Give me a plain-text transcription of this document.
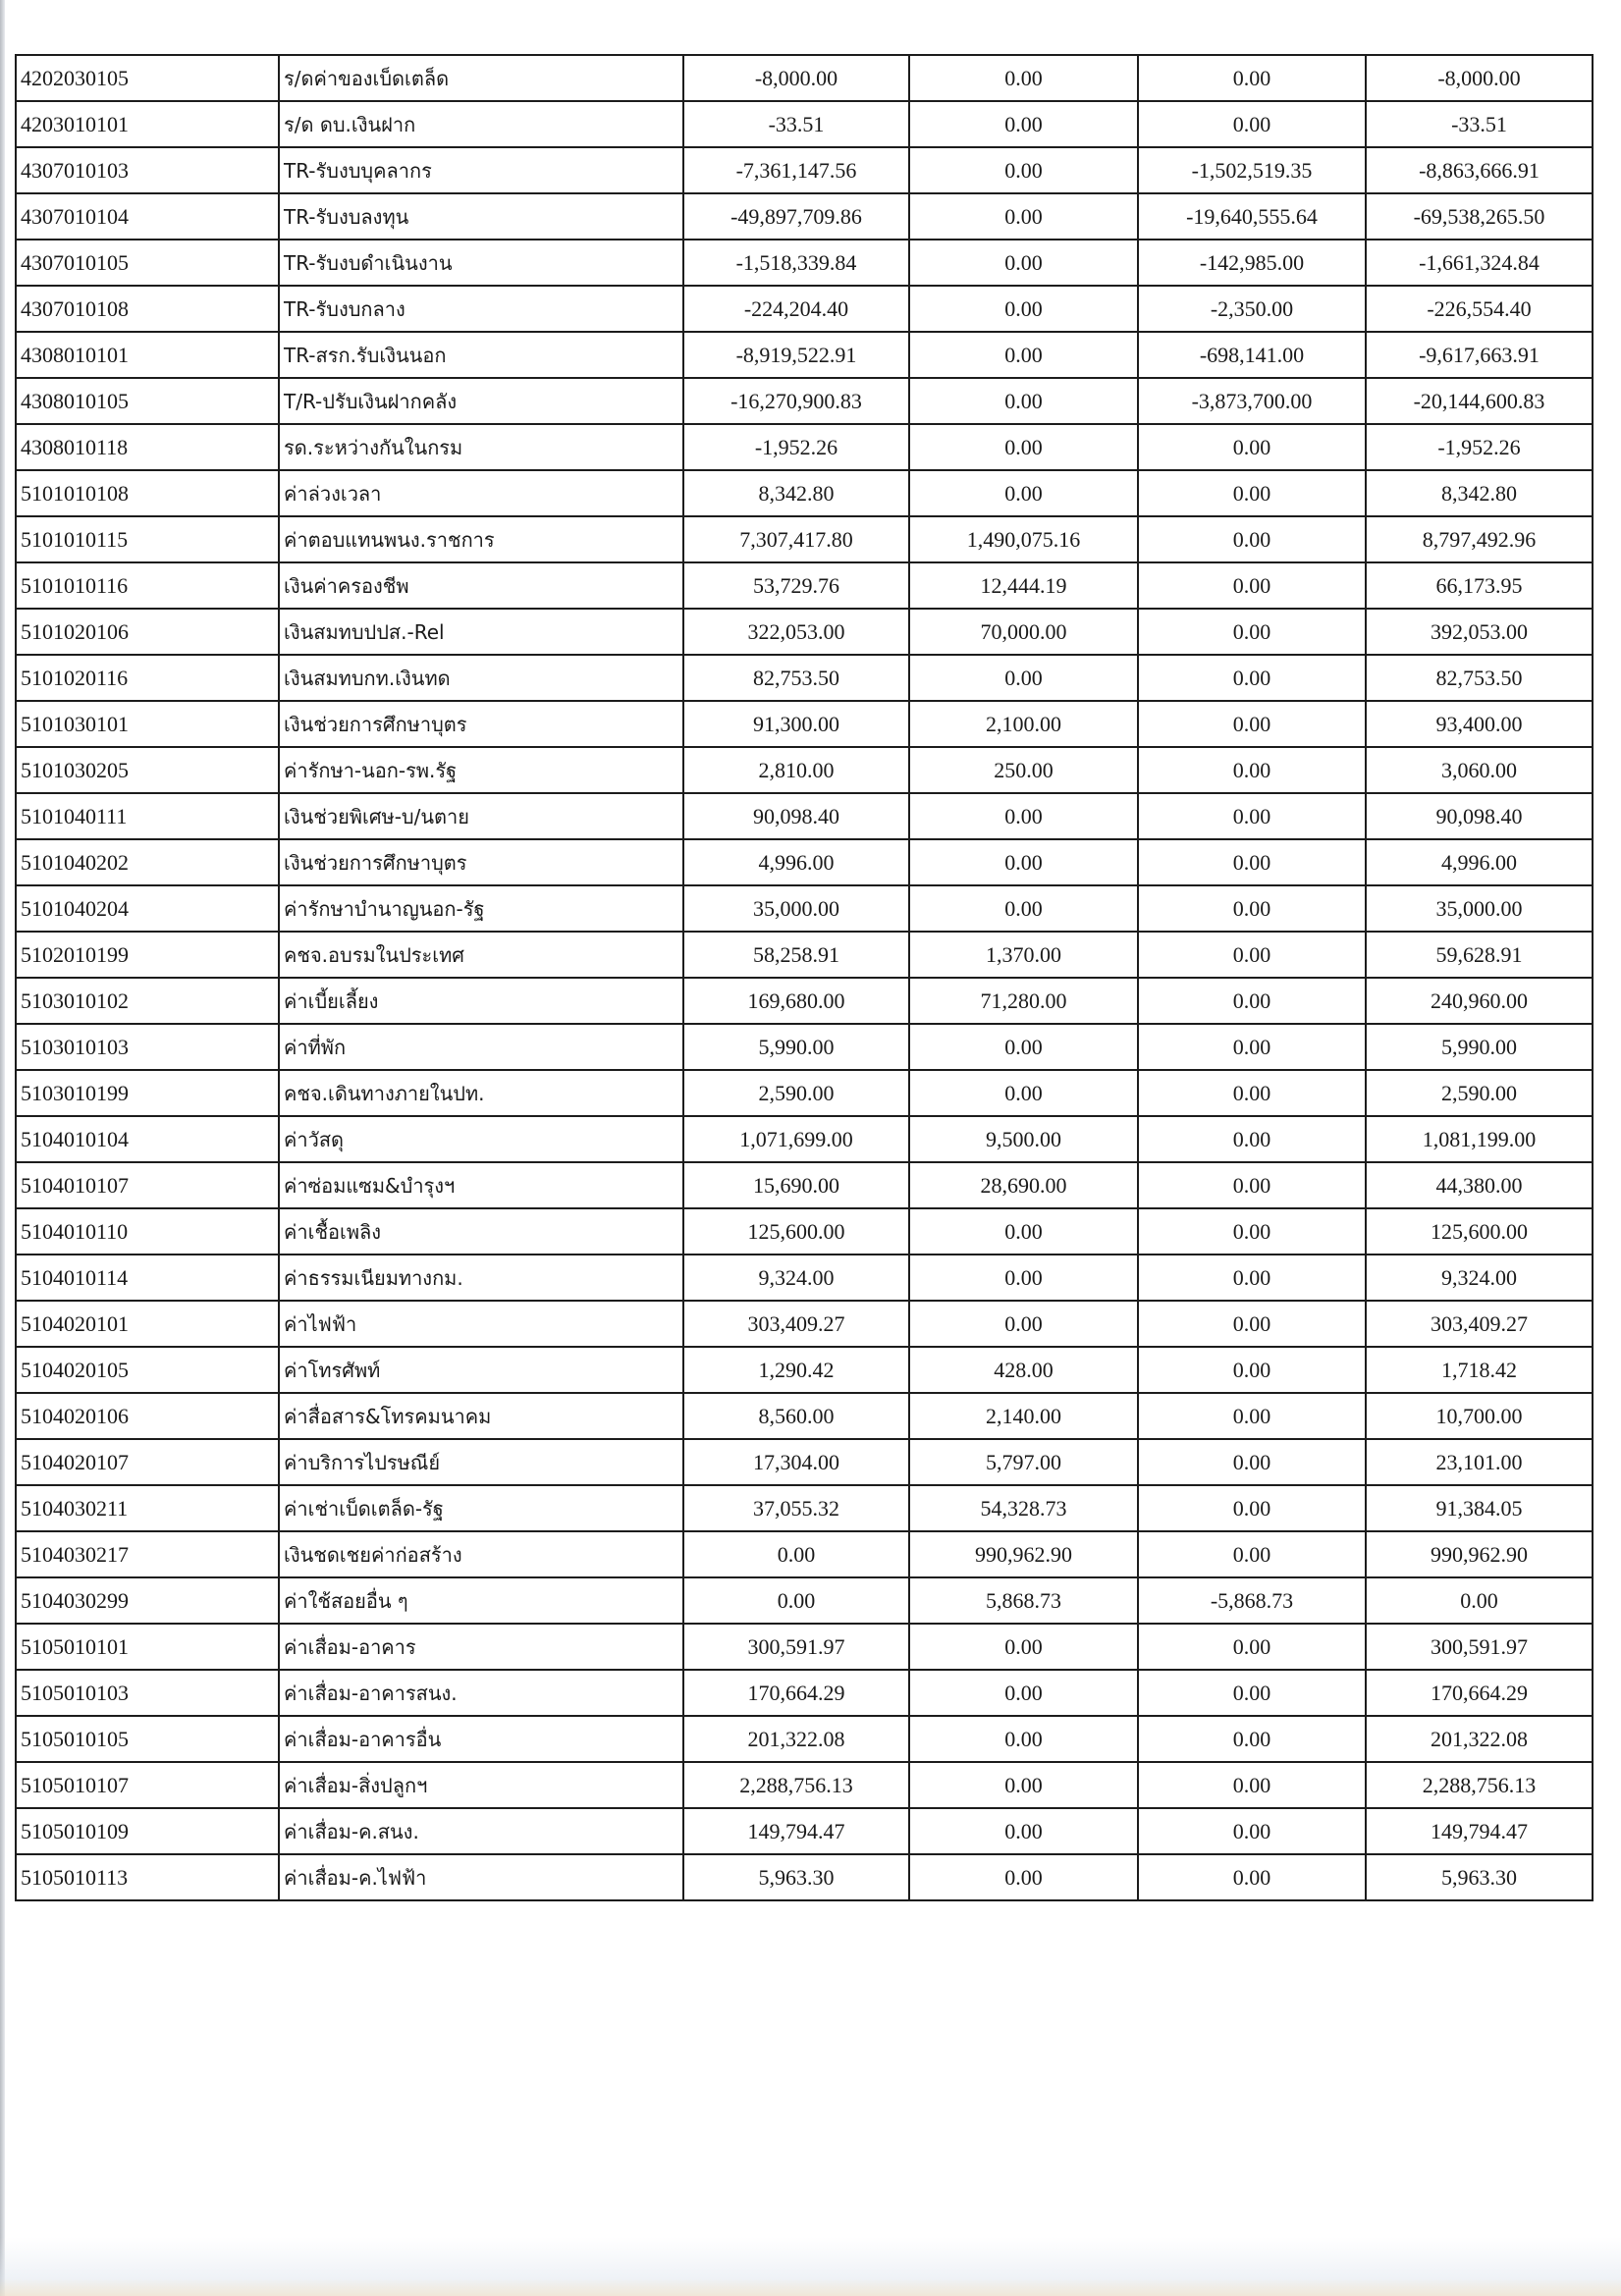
4202030105	ร/ดค่าของเบ็ดเตล็ด	-8,000.00	0.00	0.00	-8,000.00
4203010101	ร/ด ดบ.เงินฝาก	-33.51	0.00	0.00	-33.51
4307010103	TR-รับงบบุคลากร	-7,361,147.56	0.00	-1,502,519.35	-8,863,666.91
4307010104	TR-รับงบลงทุน	-49,897,709.86	0.00	-19,640,555.64	-69,538,265.50
4307010105	TR-รับงบดำเนินงาน	-1,518,339.84	0.00	-142,985.00	-1,661,324.84
4307010108	TR-รับงบกลาง	-224,204.40	0.00	-2,350.00	-226,554.40
4308010101	TR-สรก.รับเงินนอก	-8,919,522.91	0.00	-698,141.00	-9,617,663.91
4308010105	T/R-ปรับเงินฝากคลัง	-16,270,900.83	0.00	-3,873,700.00	-20,144,600.83
4308010118	รด.ระหว่างกันในกรม	-1,952.26	0.00	0.00	-1,952.26
5101010108	ค่าล่วงเวลา	8,342.80	0.00	0.00	8,342.80
5101010115	ค่าตอบแทนพนง.ราชการ	7,307,417.80	1,490,075.16	0.00	8,797,492.96
5101010116	เงินค่าครองชีพ	53,729.76	12,444.19	0.00	66,173.95
5101020106	เงินสมทบปปส.-Rel	322,053.00	70,000.00	0.00	392,053.00
5101020116	เงินสมทบกท.เงินทด	82,753.50	0.00	0.00	82,753.50
5101030101	เงินช่วยการศึกษาบุตร	91,300.00	2,100.00	0.00	93,400.00
5101030205	ค่ารักษา-นอก-รพ.รัฐ	2,810.00	250.00	0.00	3,060.00
5101040111	เงินช่วยพิเศษ-บ/นตาย	90,098.40	0.00	0.00	90,098.40
5101040202	เงินช่วยการศึกษาบุตร	4,996.00	0.00	0.00	4,996.00
5101040204	ค่ารักษาบำนาญนอก-รัฐ	35,000.00	0.00	0.00	35,000.00
5102010199	คชจ.อบรมในประเทศ	58,258.91	1,370.00	0.00	59,628.91
5103010102	ค่าเบี้ยเลี้ยง	169,680.00	71,280.00	0.00	240,960.00
5103010103	ค่าที่พัก	5,990.00	0.00	0.00	5,990.00
5103010199	คชจ.เดินทางภายในปท.	2,590.00	0.00	0.00	2,590.00
5104010104	ค่าวัสดุ	1,071,699.00	9,500.00	0.00	1,081,199.00
5104010107	ค่าซ่อมแซม&บำรุงฯ	15,690.00	28,690.00	0.00	44,380.00
5104010110	ค่าเชื้อเพลิง	125,600.00	0.00	0.00	125,600.00
5104010114	ค่าธรรมเนียมทางกม.	9,324.00	0.00	0.00	9,324.00
5104020101	ค่าไฟฟ้า	303,409.27	0.00	0.00	303,409.27
5104020105	ค่าโทรศัพท์	1,290.42	428.00	0.00	1,718.42
5104020106	ค่าสื่อสาร&โทรคมนาคม	8,560.00	2,140.00	0.00	10,700.00
5104020107	ค่าบริการไปรษณีย์	17,304.00	5,797.00	0.00	23,101.00
5104030211	ค่าเช่าเบ็ดเตล็ด-รัฐ	37,055.32	54,328.73	0.00	91,384.05
5104030217	เงินชดเชยค่าก่อสร้าง	0.00	990,962.90	0.00	990,962.90
5104030299	ค่าใช้สอยอื่น ๆ	0.00	5,868.73	-5,868.73	0.00
5105010101	ค่าเสื่อม-อาคาร	300,591.97	0.00	0.00	300,591.97
5105010103	ค่าเสื่อม-อาคารสนง.	170,664.29	0.00	0.00	170,664.29
5105010105	ค่าเสื่อม-อาคารอื่น	201,322.08	0.00	0.00	201,322.08
5105010107	ค่าเสื่อม-สิ่งปลูกฯ	2,288,756.13	0.00	0.00	2,288,756.13
5105010109	ค่าเสื่อม-ค.สนง.	149,794.47	0.00	0.00	149,794.47
5105010113	ค่าเสื่อม-ค.ไฟฟ้า	5,963.30	0.00	0.00	5,963.30
